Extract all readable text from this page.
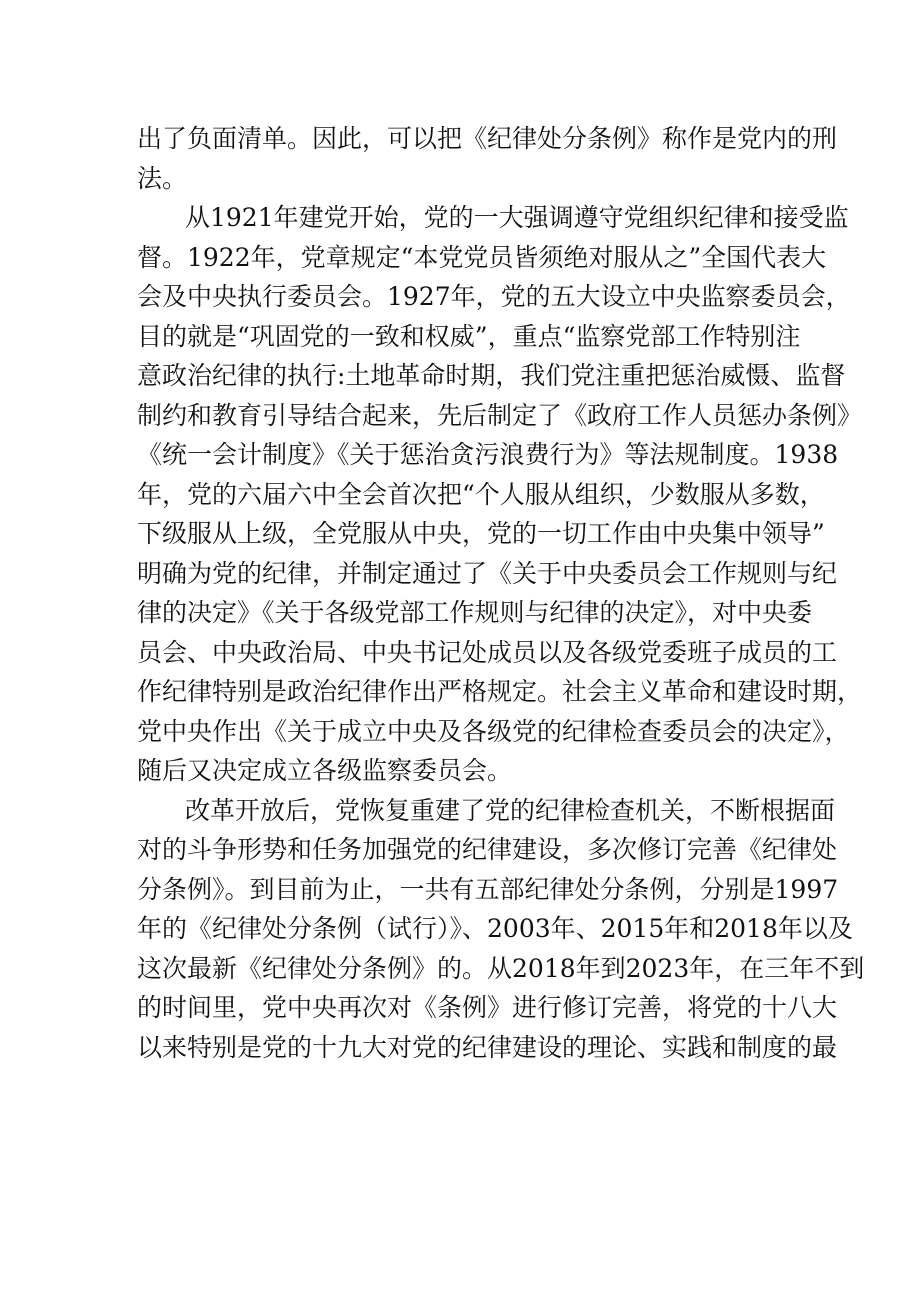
出了负面清单。因此，可以把《纪律处分条例》称作是党内的刑
法。
从1921年建党开始，党的一大强调遵守党组织纪律和接受监
督。1922年，党章规定“本党党员皆须绝对服从之”全国代表大
会及中央执行委员会。1927年，党的五大设立中央监察委员会，
目的就是“巩固党的一致和权威”，重点“监察党部工作特别注
意政治纪律的执行:土地革命时期，我们党注重把惩治威慑、监督
制约和教育引导结合起来，先后制定了《政府工作人员惩办条例》
《统一会计制度》《关于惩治贪污浪费行为》等法规制度。1938
年，党的六届六中全会首次把“个人服从组织，少数服从多数，
下级服从上级，全党服从中央，党的一切工作由中央集中领导”
明确为党的纪律，并制定通过了《关于中央委员会工作规则与纪
律的决定》《关于各级党部工作规则与纪律的决定》，对中央委
员会、中央政治局、中央书记处成员以及各级党委班子成员的工
作纪律特别是政治纪律作出严格规定。社会主义革命和建设时期，
党中央作出《关于成立中央及各级党的纪律检查委员会的决定》，
随后又决定成立各级监察委员会。
改革开放后，党恢复重建了党的纪律检查机关，不断根据面
对的斗争形势和任务加强党的纪律建设，多次修订完善《纪律处
分条例》。到目前为止，一共有五部纪律处分条例，分别是1997
年的《纪律处分条例（试行）》、2003年、2015年和2018年以及
这次最新《纪律处分条例》的。从2018年到2023年，在三年不到
的时间里，党中央再次对《条例》进行修订完善，将党的十八大
以来特别是党的十九大对党的纪律建设的理论、实践和制度的最
